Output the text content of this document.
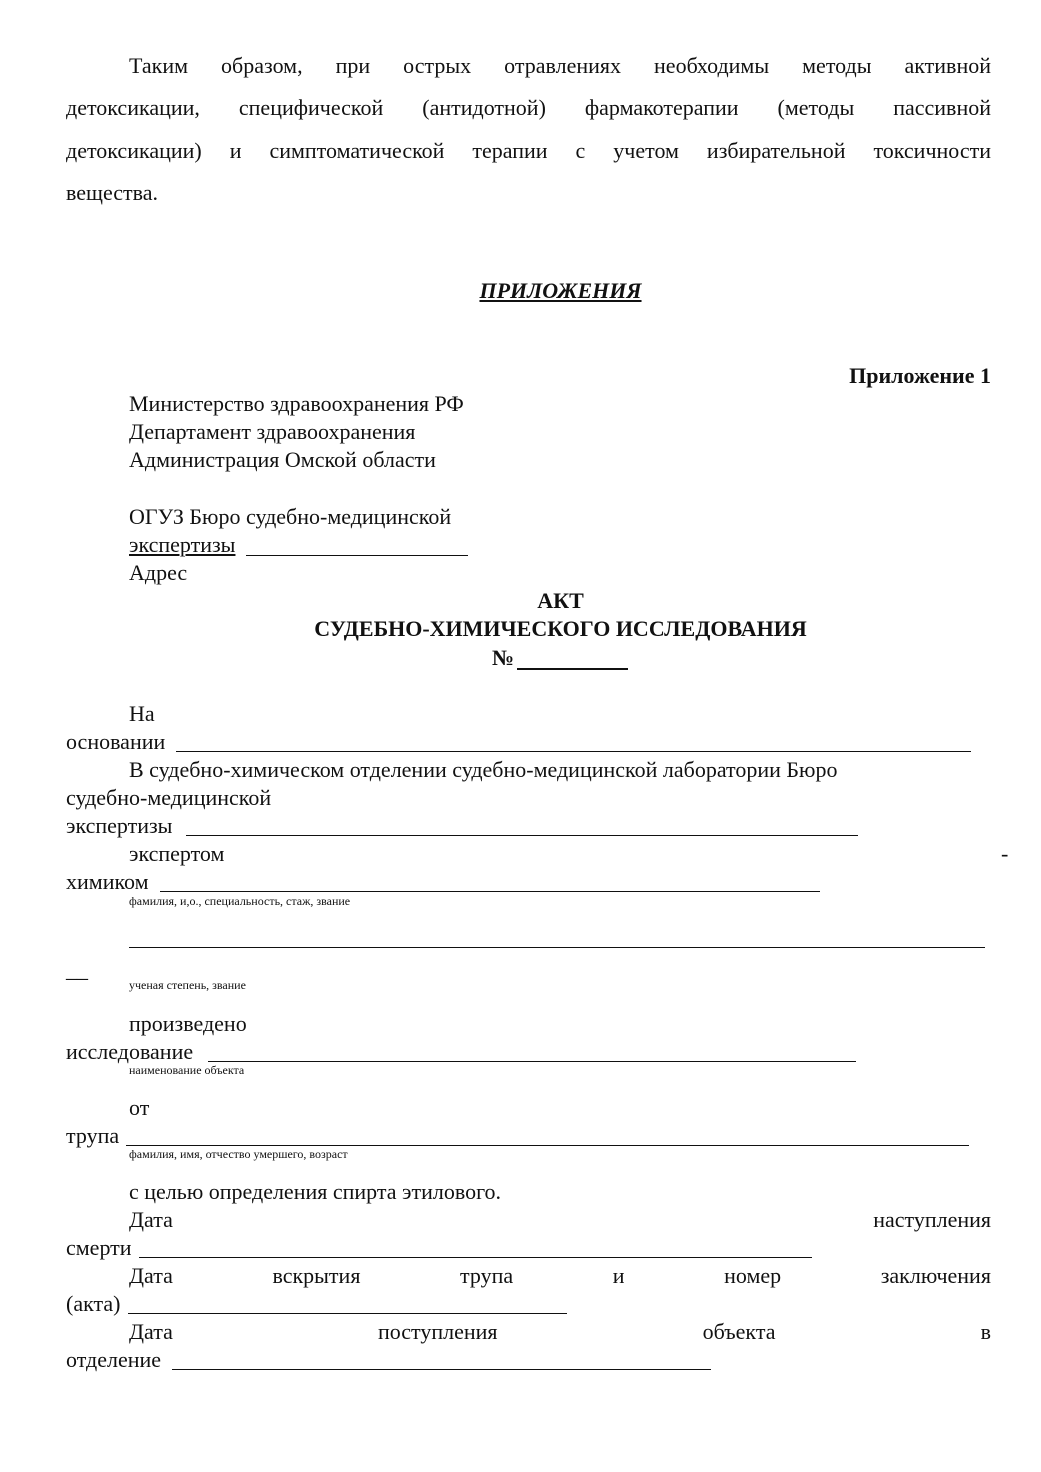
Таким образом, при острых отравлениях необходимы методы активной
детоксикации, специфической (антидотной) фармакотерапии (методы пассивной
детоксикации) и симптоматической терапии с учетом избирательной токсичности
вещества.
ПРИЛОЖЕНИЯ
Приложение 1
Министерство здравоохранения РФ
Департамент здравоохранения
Администрация Омской области
ОГУЗ Бюро судебно-медицинской
экспертизы
Адрес
АКТ
СУДЕБНО-ХИМИЧЕСКОГО ИССЛЕДОВАНИЯ
№
На
основании
В судебно-химическом отделении судебно-медицинской лаборатории Бюро
судебно-медицинской
экспертизы
экспертом	-
химиком
фамилия, и,о., специальность, стаж, звание
__
ученая степень, звание
произведено
исследование
наименование объекта
от
трупа
фамилия, имя, отчество умершего, возраст
с целью определения спирта этилового.
Дата	наступления
смерти
Дата	вскрытия	трупа	и	номер	заключения
(акта)
Дата	поступления	объекта	в
отделение
